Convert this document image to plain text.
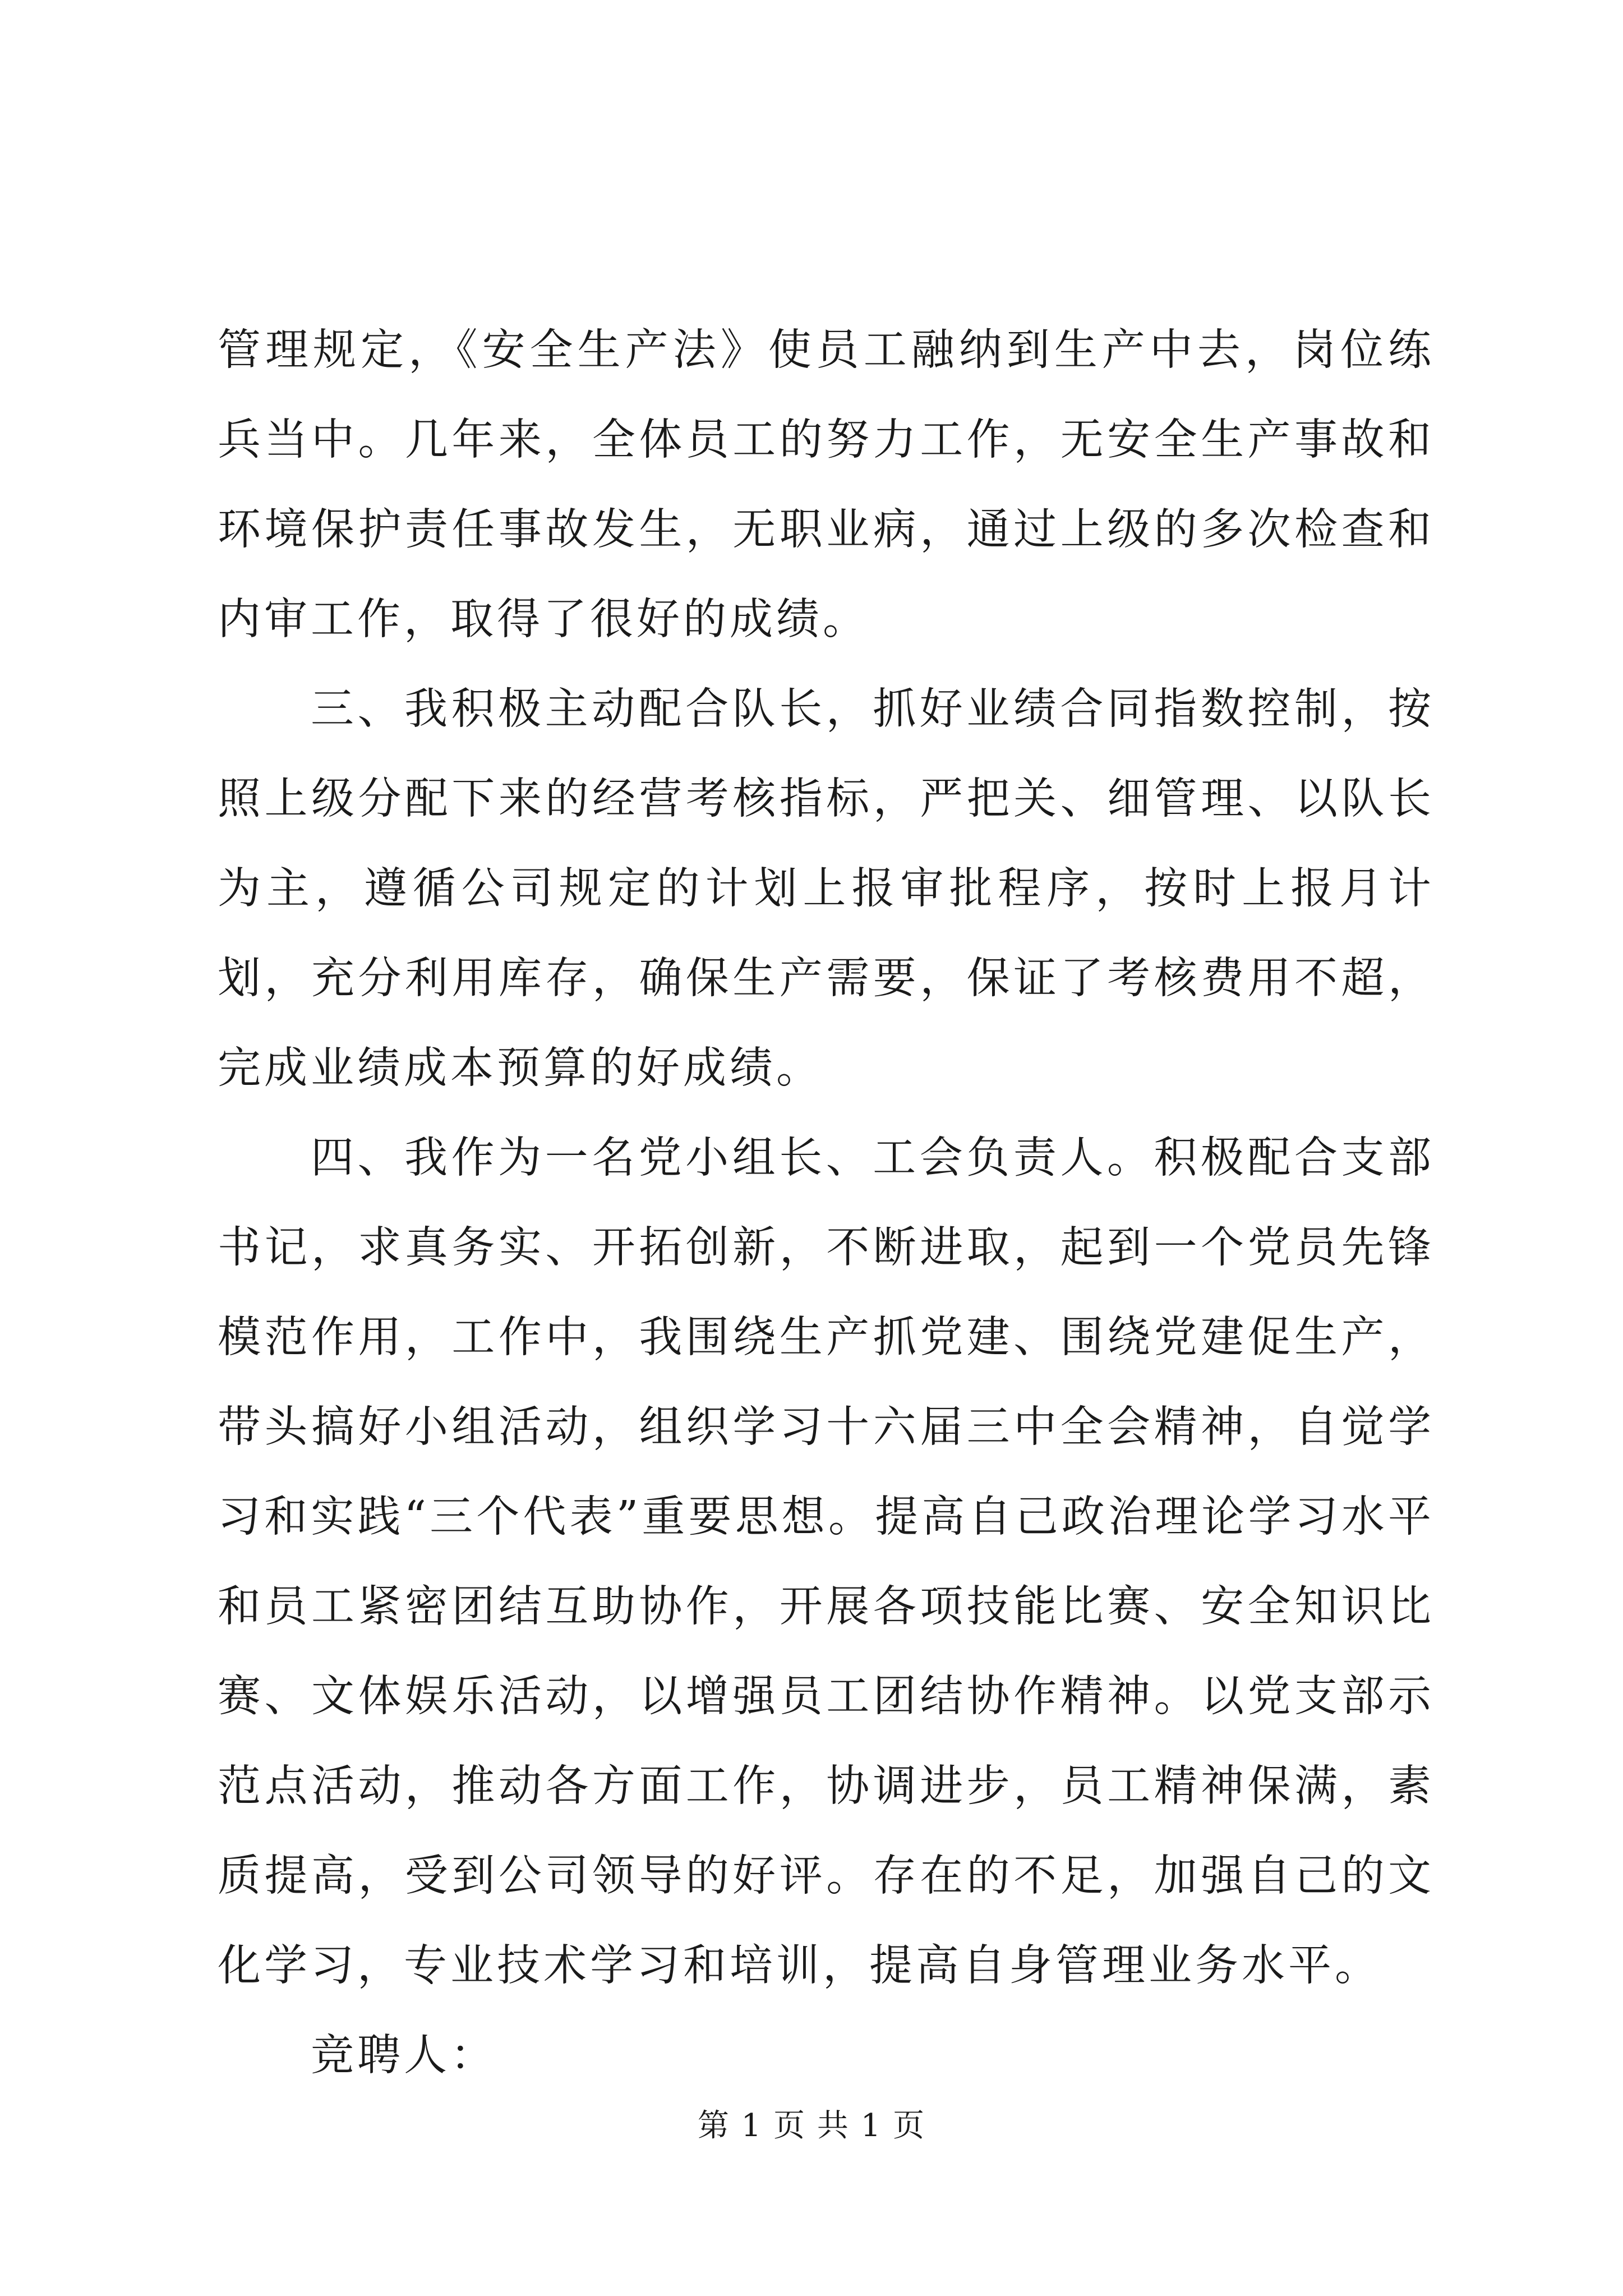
管理规定，《安全生产法》使员工融纳到生产中去，岗位练兵当中。几年来，全体员工的努力工作，无安全生产事故和环境保护责任事故发生，无职业病，通过上级的多次检查和内审工作，取得了很好的成绩。

三、我积极主动配合队长，抓好业绩合同指数控制，按照上级分配下来的经营考核指标，严把关、细管理、以队长为主，遵循公司规定的计划上报审批程序，按时上报月计划，充分利用库存，确保生产需要，保证了考核费用不超，完成业绩成本预算的好成绩。

四、我作为一名党小组长、工会负责人。积极配合支部书记，求真务实、开拓创新，不断进取，起到一个党员先锋模范作用，工作中，我围绕生产抓党建、围绕党建促生产，带头搞好小组活动，组织学习十六届三中全会精神，自觉学习和实践“三个代表”重要思想。提高自己政治理论学习水平和员工紧密团结互助协作，开展各项技能比赛、安全知识比赛、文体娱乐活动，以增强员工团结协作精神。以党支部示范点活动，推动各方面工作，协调进步，员工精神保满，素质提高，受到公司领导的好评。存在的不足，加强自己的文化学习，专业技术学习和培训，提高自身管理业务水平。

竞聘人：

第 1 页 共 1 页
